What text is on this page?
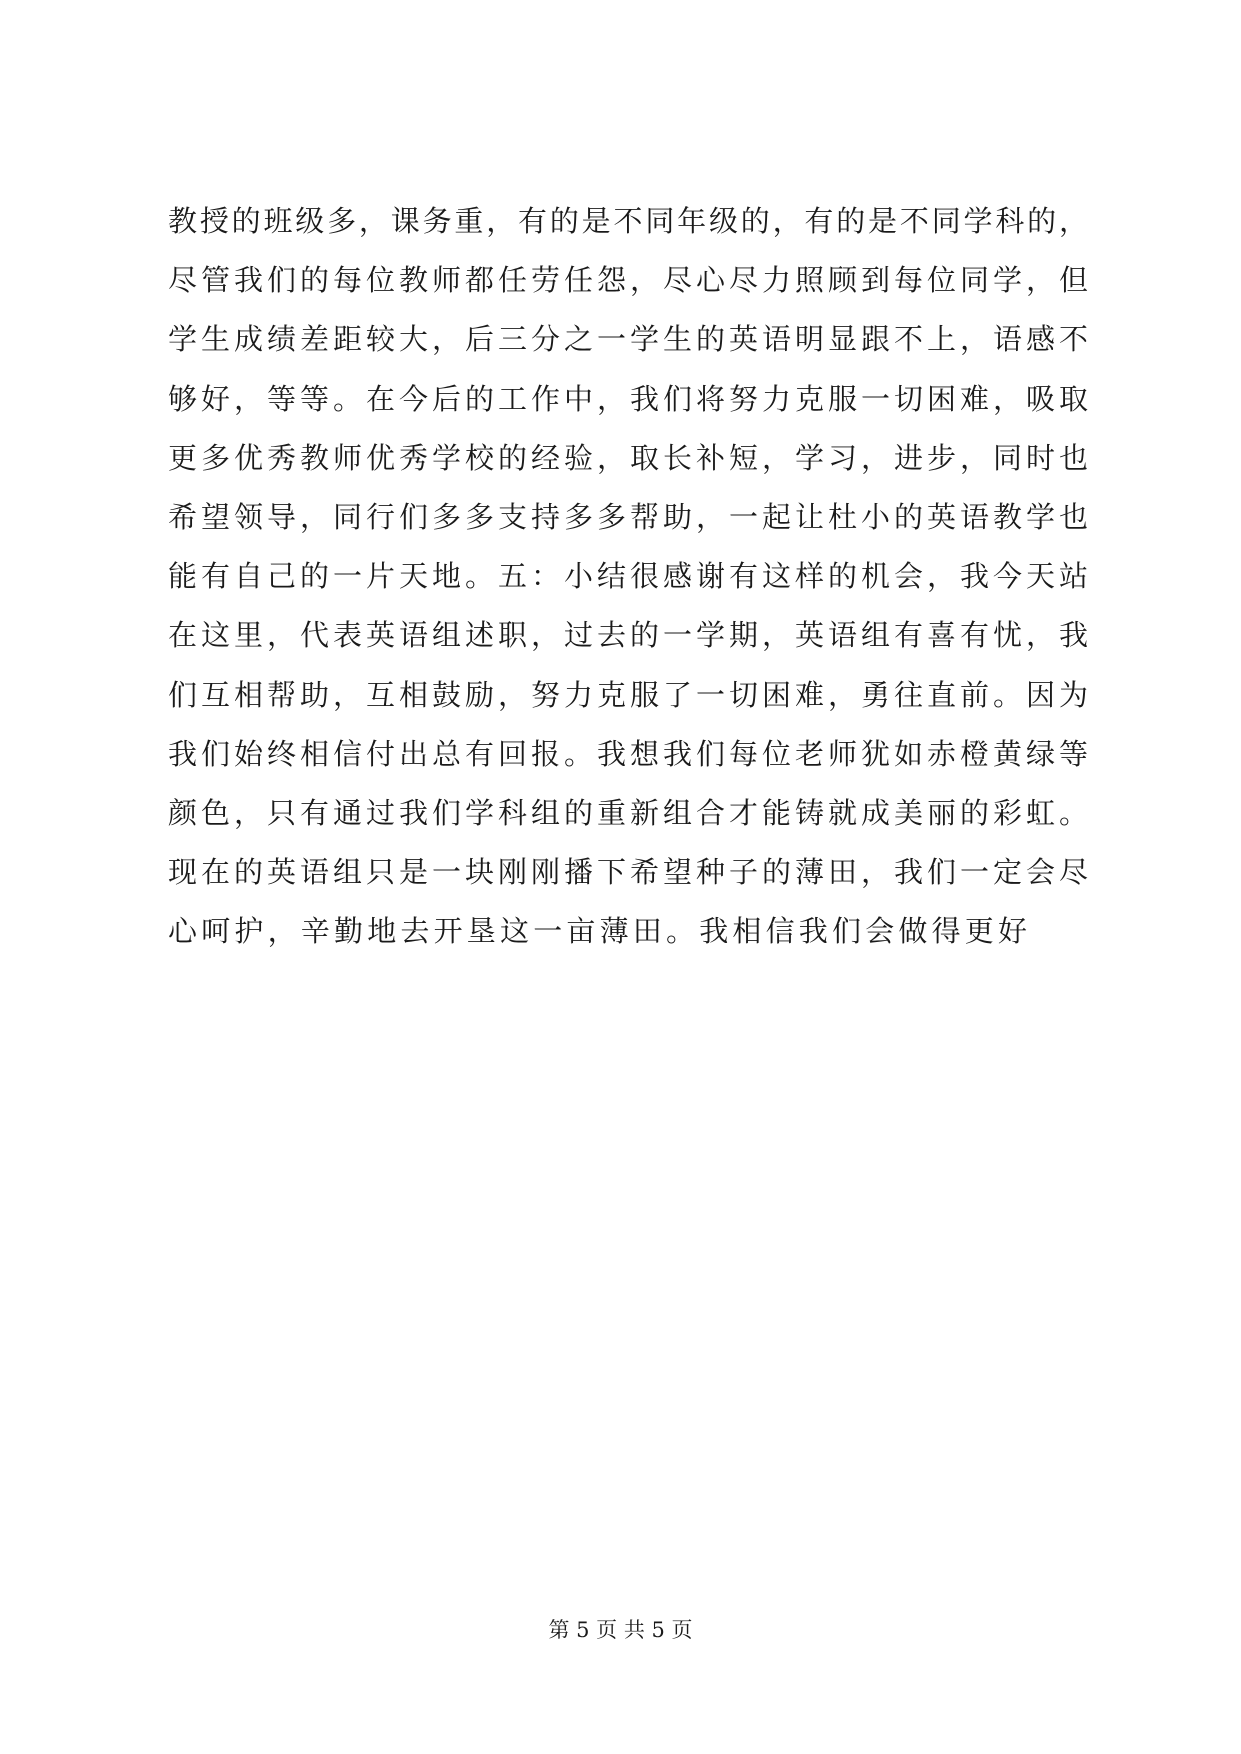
教授的班级多，课务重，有的是不同年级的，有的是不同学科的，
尽管我们的每位教师都任劳任怨，尽心尽力照顾到每位同学，但
学生成绩差距较大，后三分之一学生的英语明显跟不上，语感不
够好，等等。在今后的工作中，我们将努力克服一切困难，吸取
更多优秀教师优秀学校的经验，取长补短，学习，进步，同时也
希望领导，同行们多多支持多多帮助，一起让杜小的英语教学也
能有自己的一片天地。五：小结很感谢有这样的机会，我今天站
在这里，代表英语组述职，过去的一学期，英语组有喜有忧，我
们互相帮助，互相鼓励，努力克服了一切困难，勇往直前。因为
我们始终相信付出总有回报。我想我们每位老师犹如赤橙黄绿等
颜色，只有通过我们学科组的重新组合才能铸就成美丽的彩虹。
现在的英语组只是一块刚刚播下希望种子的薄田，我们一定会尽
心呵护，辛勤地去开垦这一亩薄田。我相信我们会做得更好
第 5 页 共 5 页
